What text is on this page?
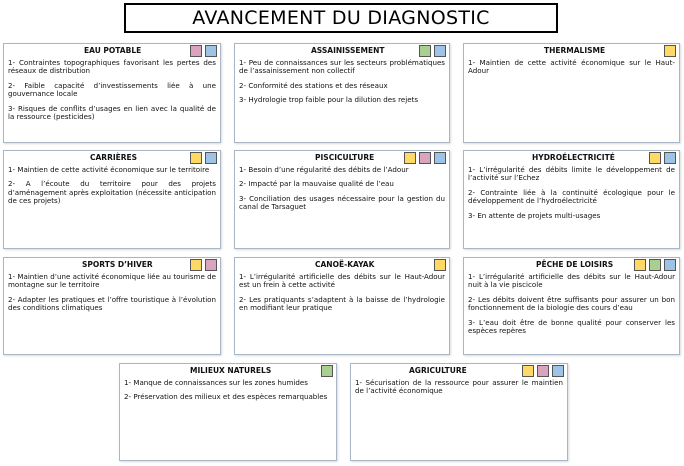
AVANCEMENT DU DIAGNOSTIC
EAU POTABLE

1- Contraintes topographiques favorisant les pertes des réseaux de distribution

2- Faible capacité d’investissements liée à une gouvernance locale

3- Risques de conflits d’usages en lien avec la qualité de la ressource (pesticides)

ASSAINISSEMENT

1- Peu de connaissances sur les secteurs problématiques de l’assainissement non collectif

2- Conformité des stations et des réseaux

3- Hydrologie trop faible pour la dilution des rejets

THERMALISME

1- Maintien de cette activité économique sur le Haut-Adour

CARRIÈRES

1- Maintien de cette activité économique sur le territoire

2- A l’écoute du territoire pour des projets d’aménagement après exploitation (nécessite anticipation de ces projets)

PISCICULTURE

1- Besoin d’une régularité des débits de l’Adour

2- Impacté par la mauvaise qualité de l’eau

3- Conciliation des usages nécessaire pour la gestion du canal de Tarsaguet

HYDROÉLECTRICITÉ

1- L’irrégularité des débits limite le développement de l’activité sur l’Echez

2- Contrainte liée à la continuité écologique pour le développement de l’hydroélectricité

3- En attente de projets multi-usages

SPORTS D’HIVER

1- Maintien d’une activité économique liée au tourisme de montagne sur le territoire

2- Adapter les pratiques et l’offre touristique à l’évolution des conditions climatiques

CANOË-KAYAK

1- L’irrégularité artificielle des débits sur le Haut-Adour est un frein à cette activité

2- Les pratiquants s’adaptent à la baisse de l’hydrologie en modifiant leur pratique

PÊCHE DE LOISIRS

1- L’irrégularité artificielle des débits sur le Haut-Adour nuit à la vie piscicole

2- Les débits doivent être suffisants pour assurer un bon fonctionnement de la biologie des cours d’eau

3- L’eau doit être de bonne qualité pour conserver les espèces repères

MILIEUX NATURELS

1- Manque de connaissances sur les zones humides

2- Préservation des milieux et des espèces remarquables

AGRICULTURE

1- Sécurisation de la ressource pour assurer le maintien de l’activité économique
